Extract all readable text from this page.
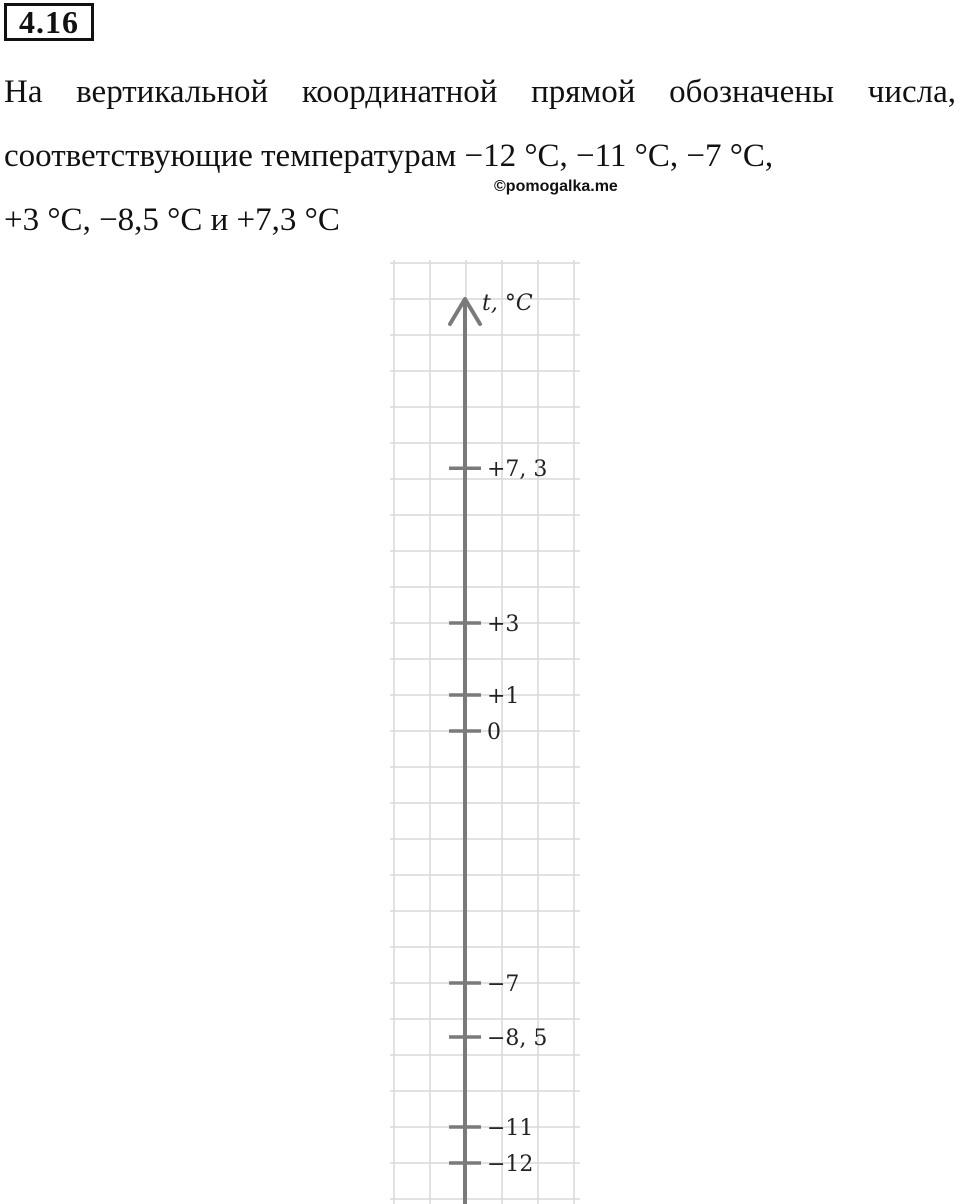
4.16
На вертикальной координатной прямой обозначены числа,
соответствующие температурам −12 °С, −11 °С, −7 °С,
+3 °С, −8,5 °С и +7,3 °С
©pomogalka.me
+7, 3
+3
+1
0
−7
−8, 5
−11
−12
t, °C
